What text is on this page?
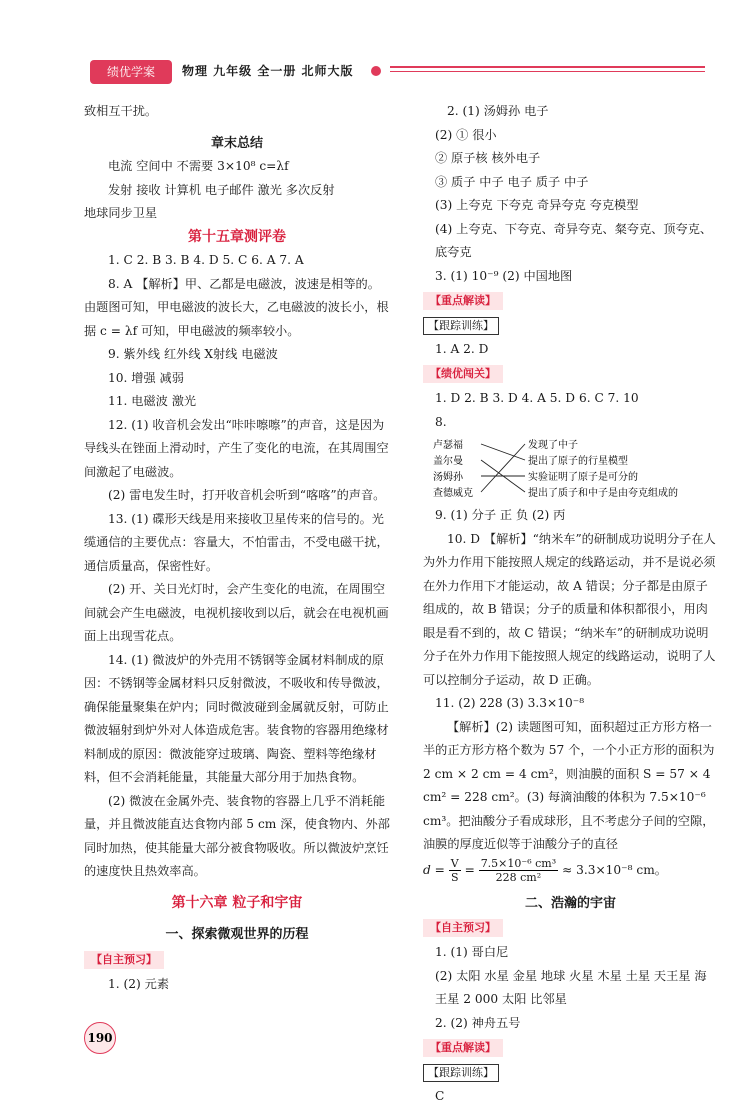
绩优学案	物理 九年级 全一册 北师大版

致相互干扰。

章末总结

电流 空间中 不需要 3×10⁸ c=λf

发射 接收 计算机 电子邮件 激光 多次反射

地球同步卫星

第十五章测评卷

1. C 2. B 3. B 4. D 5. C 6. A 7. A

8. A 【解析】甲、乙都是电磁波，波速是相等的。由题图可知，甲电磁波的波长大，乙电磁波的波长小，根据 c = λf 可知，甲电磁波的频率较小。

9. 紫外线 红外线 X射线 电磁波

10. 增强 减弱

11. 电磁波 激光

12. (1) 收音机会发出“咔咔嚓嚓”的声音，这是因为导线头在锉面上滑动时，产生了变化的电流，在其周围空间激起了电磁波。

(2) 雷电发生时，打开收音机会听到“喀喀”的声音。

13. (1) 碟形天线是用来接收卫星传来的信号的。光缆通信的主要优点：容量大，不怕雷击，不受电磁干扰，通信质量高，保密性好。

(2) 开、关日光灯时，会产生变化的电流，在周围空间就会产生电磁波，电视机接收到以后，就会在电视机画面上出现雪花点。

14. (1) 微波炉的外壳用不锈钢等金属材料制成的原因：不锈钢等金属材料只反射微波，不吸收和传导微波，确保能量聚集在炉内；同时微波碰到金属就反射，可防止微波辐射到炉外对人体造成危害。装食物的容器用绝缘材料制成的原因：微波能穿过玻璃、陶瓷、塑料等绝缘材料，但不会消耗能量，其能量大部分用于加热食物。

(2) 微波在金属外壳、装食物的容器上几乎不消耗能量，并且微波能直达食物内部 5 cm 深，使食物内、外部同时加热，使其能量大部分被食物吸收。所以微波炉烹饪的速度快且热效率高。

第十六章 粒子和宇宙

一、探索微观世界的历程

【自主预习】

1. (2) 元素

2. (1) 汤姆孙 电子

(2) ① 很小

② 原子核 核外电子

③ 质子 中子 电子 质子 中子

(3) 上夸克 下夸克 奇异夸克 夸克模型

(4) 上夸克、下夸克、奇异夸克、粲夸克、顶夸克、底夸克

3. (1) 10⁻⁹ (2) 中国地图

【重点解读】

【跟踪训练】

1. A 2. D

【绩优闯关】

1. D 2. B 3. D 4. A 5. D 6. C 7. 10

8.

卢瑟福
盖尔曼
汤姆孙
查德威克
发现了中子
提出了原子的行星模型
实验证明了原子是可分的
提出了质子和中子是由夸克组成的

9. (1) 分子 正 负 (2) 丙

10. D 【解析】“纳米车”的研制成功说明分子在人为外力作用下能按照人规定的线路运动，并不是说必须在外力作用下才能运动，故 A 错误；分子都是由原子组成的，故 B 错误；分子的质量和体积都很小，用肉眼是看不到的，故 C 错误；“纳米车”的研制成功说明分子在外力作用下能按照人规定的线路运动，说明了人可以控制分子运动，故 D 正确。

11. (2) 228 (3) 3.3×10⁻⁸

【解析】(2) 读题图可知，面积超过正方形方格一半的正方形方格个数为 57 个，一个小正方形的面积为 2 cm × 2 cm = 4 cm²，则油膜的面积 S = 57 × 4 cm² = 228 cm²。(3) 每滴油酸的体积为 7.5×10⁻⁶ cm³。把油酸分子看成球形，且不考虑分子间的空隙，油膜的厚度近似等于油酸分子的直径

$d = \frac{V}{S} = \frac{\text{7.5×10⁻⁶ cm³}}{\text{228 cm²}} \approx 3.3\times 10^{-8}$ cm。

二、浩瀚的宇宙

【自主预习】

1. (1) 哥白尼

(2) 太阳 水星 金星 地球 火星 木星 土星 天王星 海王星 2 000 太阳 比邻星

2. (2) 神舟五号

【重点解读】

【跟踪训练】

C

190
